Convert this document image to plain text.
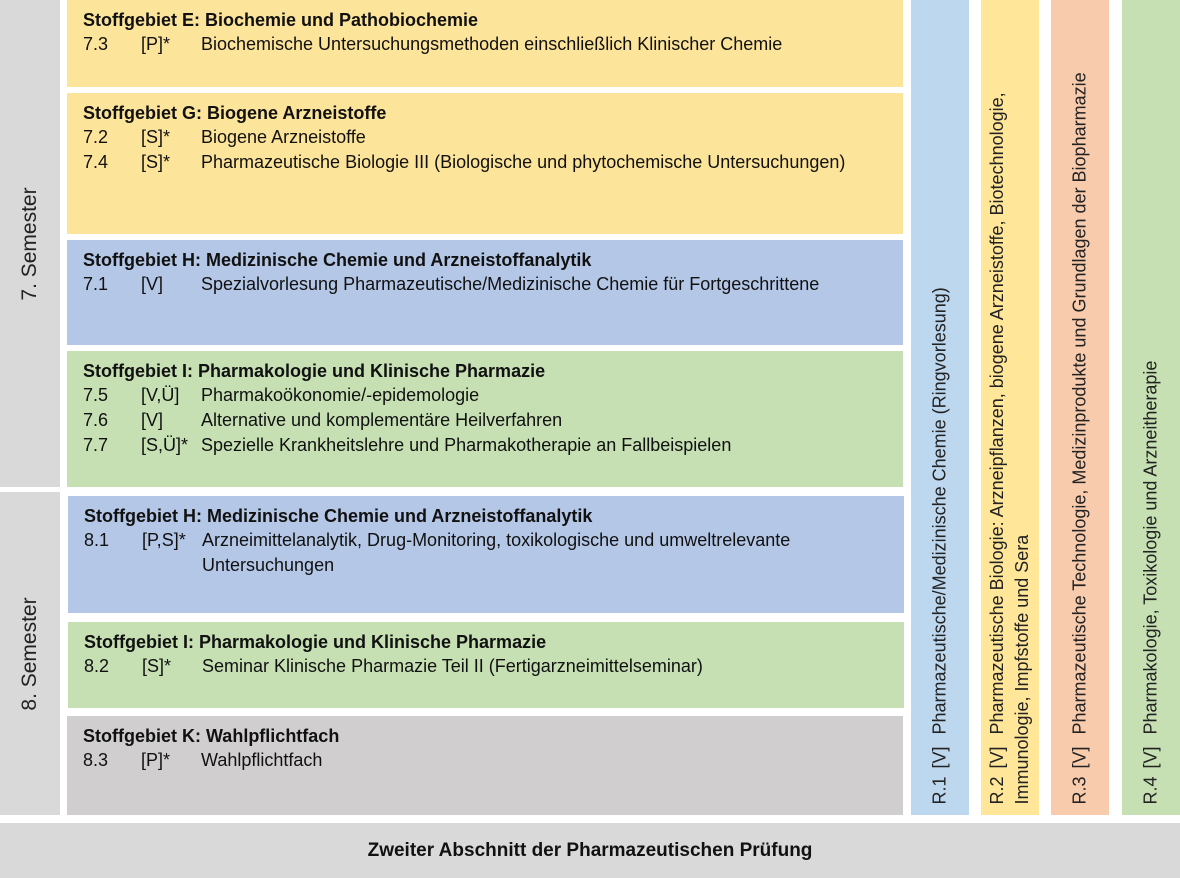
7. Semester
8. Semester
Stoffgebiet E: Biochemie und Pathobiochemie
7.3	[P]*	Biochemische Untersuchungsmethoden einschließlich Klinischer Chemie
Stoffgebiet G: Biogene Arzneistoffe
7.2	[S]*	Biogene Arzneistoffe
7.4	[S]*	Pharmazeutische Biologie III (Biologische und phytochemische Untersuchungen)
Stoffgebiet H: Medizinische Chemie und Arzneistoffanalytik
7.1	[V]	Spezialvorlesung Pharmazeutische/Medizinische Chemie für Fortgeschrittene
Stoffgebiet I: Pharmakologie und Klinische Pharmazie
7.5	[V,Ü]	Pharmakoökonomie/-epidemologie
7.6	[V]	Alternative und komplementäre Heilverfahren
7.7	[S,Ü]* Spezielle Krankheitslehre und Pharmakotherapie an Fallbeispielen
Stoffgebiet H: Medizinische Chemie und Arzneistoffanalytik
8.1	[P,S]* Arzneimittelanalytik, Drug-Monitoring, toxikologische und umweltrelevante Untersuchungen
Stoffgebiet I: Pharmakologie und Klinische Pharmazie
8.2	[S]*	Seminar Klinische Pharmazie Teil II (Fertigarzneimittelseminar)
Stoffgebiet K: Wahlpflichtfach
8.3	[P]*	Wahlpflichtfach
R.1[V]Pharmazeutische/Medizinische Chemie (Ringvorlesung)
R.2[V]Pharmazeutische Biologie: Arzneipflanzen, biogene Arzneistoffe, Biotechnologie, Immunologie, Impfstoffe und Sera R.3[V]Pharmazeutische Technologie, Medizinprodukte und Grundlagen der Biopharmazie
R.4[V]Pharmakologie, Toxikologie und Arzneitherapie
Zweiter Abschnitt der Pharmazeutischen Prüfung
